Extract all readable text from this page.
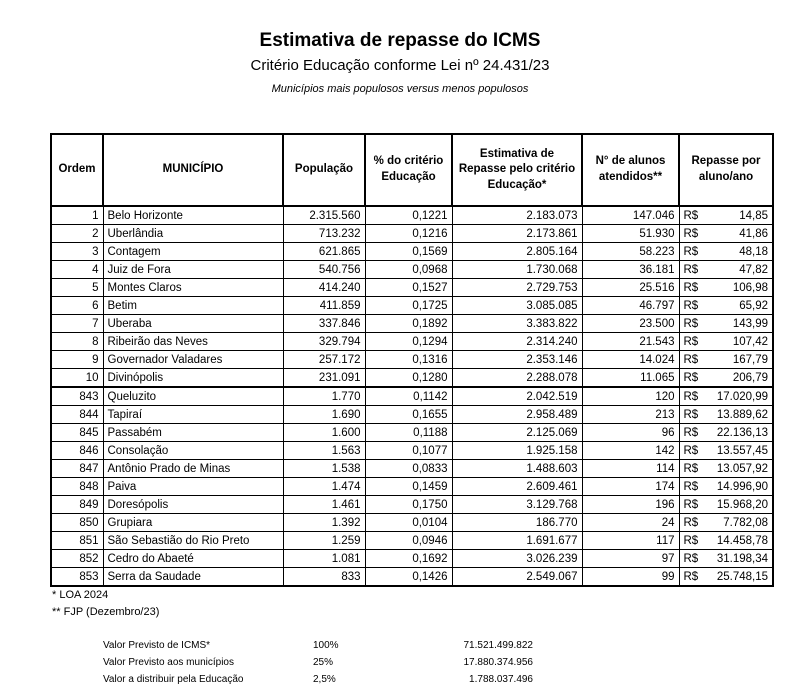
Estimativa de repasse do ICMS
Critério Educação conforme Lei nº 24.431/23
Municípios mais populosos versus menos populosos
Ordem	MUNICÍPIO	População	% do critério Educação	Estimativa de Repasse pelo critério Educação*	N° de alunos atendidos**	Repasse por aluno/ano
1	Belo Horizonte	2.315.560	0,1221	2.183.073	147.046	R$ 14,85

2	Uberlândia	713.232	0,1216	2.173.861	51.930	R$ 41,86

3	Contagem	621.865	0,1569	2.805.164	58.223	R$ 48,18

4	Juiz de Fora	540.756	0,0968	1.730.068	36.181	R$ 47,82

5	Montes Claros	414.240	0,1527	2.729.753	25.516	R$ 106,98

6	Betim	411.859	0,1725	3.085.085	46.797	R$ 65,92

7	Uberaba	337.846	0,1892	3.383.822	23.500	R$ 143,99

8	Ribeirão das Neves	329.794	0,1294	2.314.240	21.543	R$ 107,42

9	Governador Valadares	257.172	0,1316	2.353.146	14.024	R$ 167,79

10	Divinópolis	231.091	0,1280	2.288.078	11.065	R$ 206,79

843	Queluzito	1.770	0,1142	2.042.519	120	R$ 17.020,99

844	Tapiraí	1.690	0,1655	2.958.489	213	R$ 13.889,62

845	Passabém	1.600	0,1188	2.125.069	96	R$ 22.136,13

846	Consolação	1.563	0,1077	1.925.158	142	R$ 13.557,45

847	Antônio Prado de Minas	1.538	0,0833	1.488.603	114	R$ 13.057,92

848	Paiva	1.474	0,1459	2.609.461	174	R$ 14.996,90

849	Doresópolis	1.461	0,1750	3.129.768	196	R$ 15.968,20

850	Grupiara	1.392	0,0104	186.770	24	R$ 7.782,08

851	São Sebastião do Rio Preto	1.259	0,0946	1.691.677	117	R$ 14.458,78

852	Cedro do Abaeté	1.081	0,1692	3.026.239	97	R$ 31.198,34

853	Serra da Saudade	833	0,1426	2.549.067	99	R$ 25.748,15
* LOA 2024
** FJP (Dezembro/23)
Valor Previsto de ICMS*	100%	71.521.499.822
Valor Previsto aos municípios	25%	17.880.374.956
Valor a distribuir pela Educação	2,5%	1.788.037.496
